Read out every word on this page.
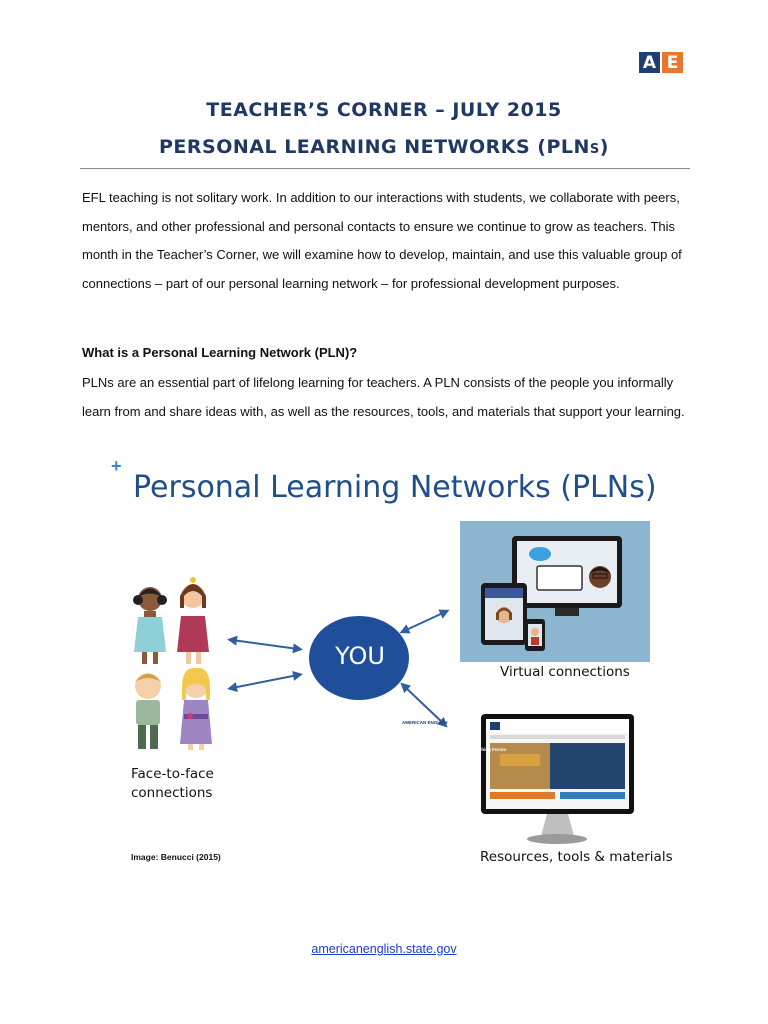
A E
TEACHER’S CORNER – JULY 2015
PERSONAL LEARNING NETWORKS (PLNS)

EFL teaching is not solitary work. In addition to our interactions with students, we collaborate with peers, mentors, and other professional and personal contacts to ensure we continue to grow as teachers. This month in the Teacher’s Corner, we will examine how to develop, maintain, and use this valuable group of connections – part of our personal learning network – for professional development purposes.

What is a Personal Learning Network (PLN)?

PLNs are an essential part of lifelong learning for teachers. A PLN consists of the people you informally learn from and share ideas with, as well as the resources, tools, and materials that support your learning.

+
Personal Learning Networks (PLNs)
YOU
Face-to-face
connections
Virtual connections
Resources, tools & materials
Image: Benucci (2015)
facebook
AMERICAN ENGLISH
FORUM
English Teaching Forum
americanenglish.state.gov
